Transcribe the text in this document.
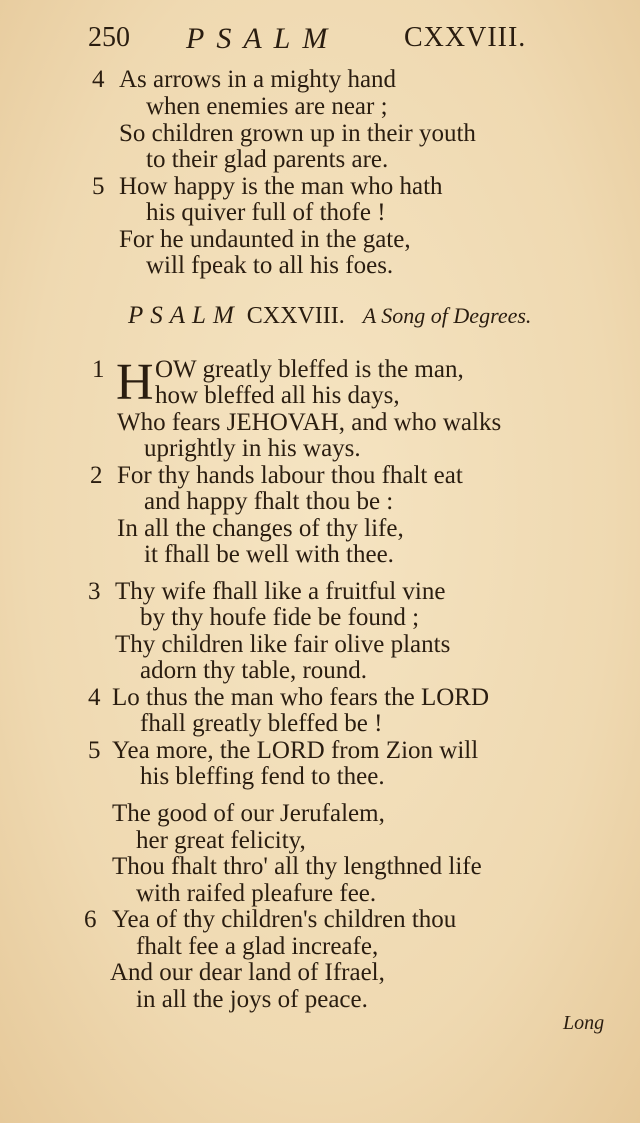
250 PSALM CXXVIII.
4 As arrows in a mighty hand
when enemies are near ;
So children grown up in their youth
to their glad parents are.
5 How happy is the man who hath
his quiver full of thofe !
For he undaunted in the gate,
will fpeak to all his foes.
PSALM CXXVIII. A Song of Degrees.
1 H OW greatly bleffed is the man,
how bleffed all his days,
Who fears JEHOVAH, and who walks
uprightly in his ways.
2 For thy hands labour thou fhalt eat
and happy fhalt thou be :
In all the changes of thy life,
it fhall be well with thee.
3 Thy wife fhall like a fruitful vine
by thy houfe fide be found ;
Thy children like fair olive plants
adorn thy table, round.
4 Lo thus the man who fears the LORD
fhall greatly bleffed be !
5 Yea more, the LORD from Zion will
his bleffing fend to thee.
The good of our Jerufalem,
her great felicity,
Thou fhalt thro' all thy lengthned life
with raifed pleafure fee.
6 Yea of thy children's children thou
fhalt fee a glad increafe,
And our dear land of Ifrael,
in all the joys of peace.
Long
